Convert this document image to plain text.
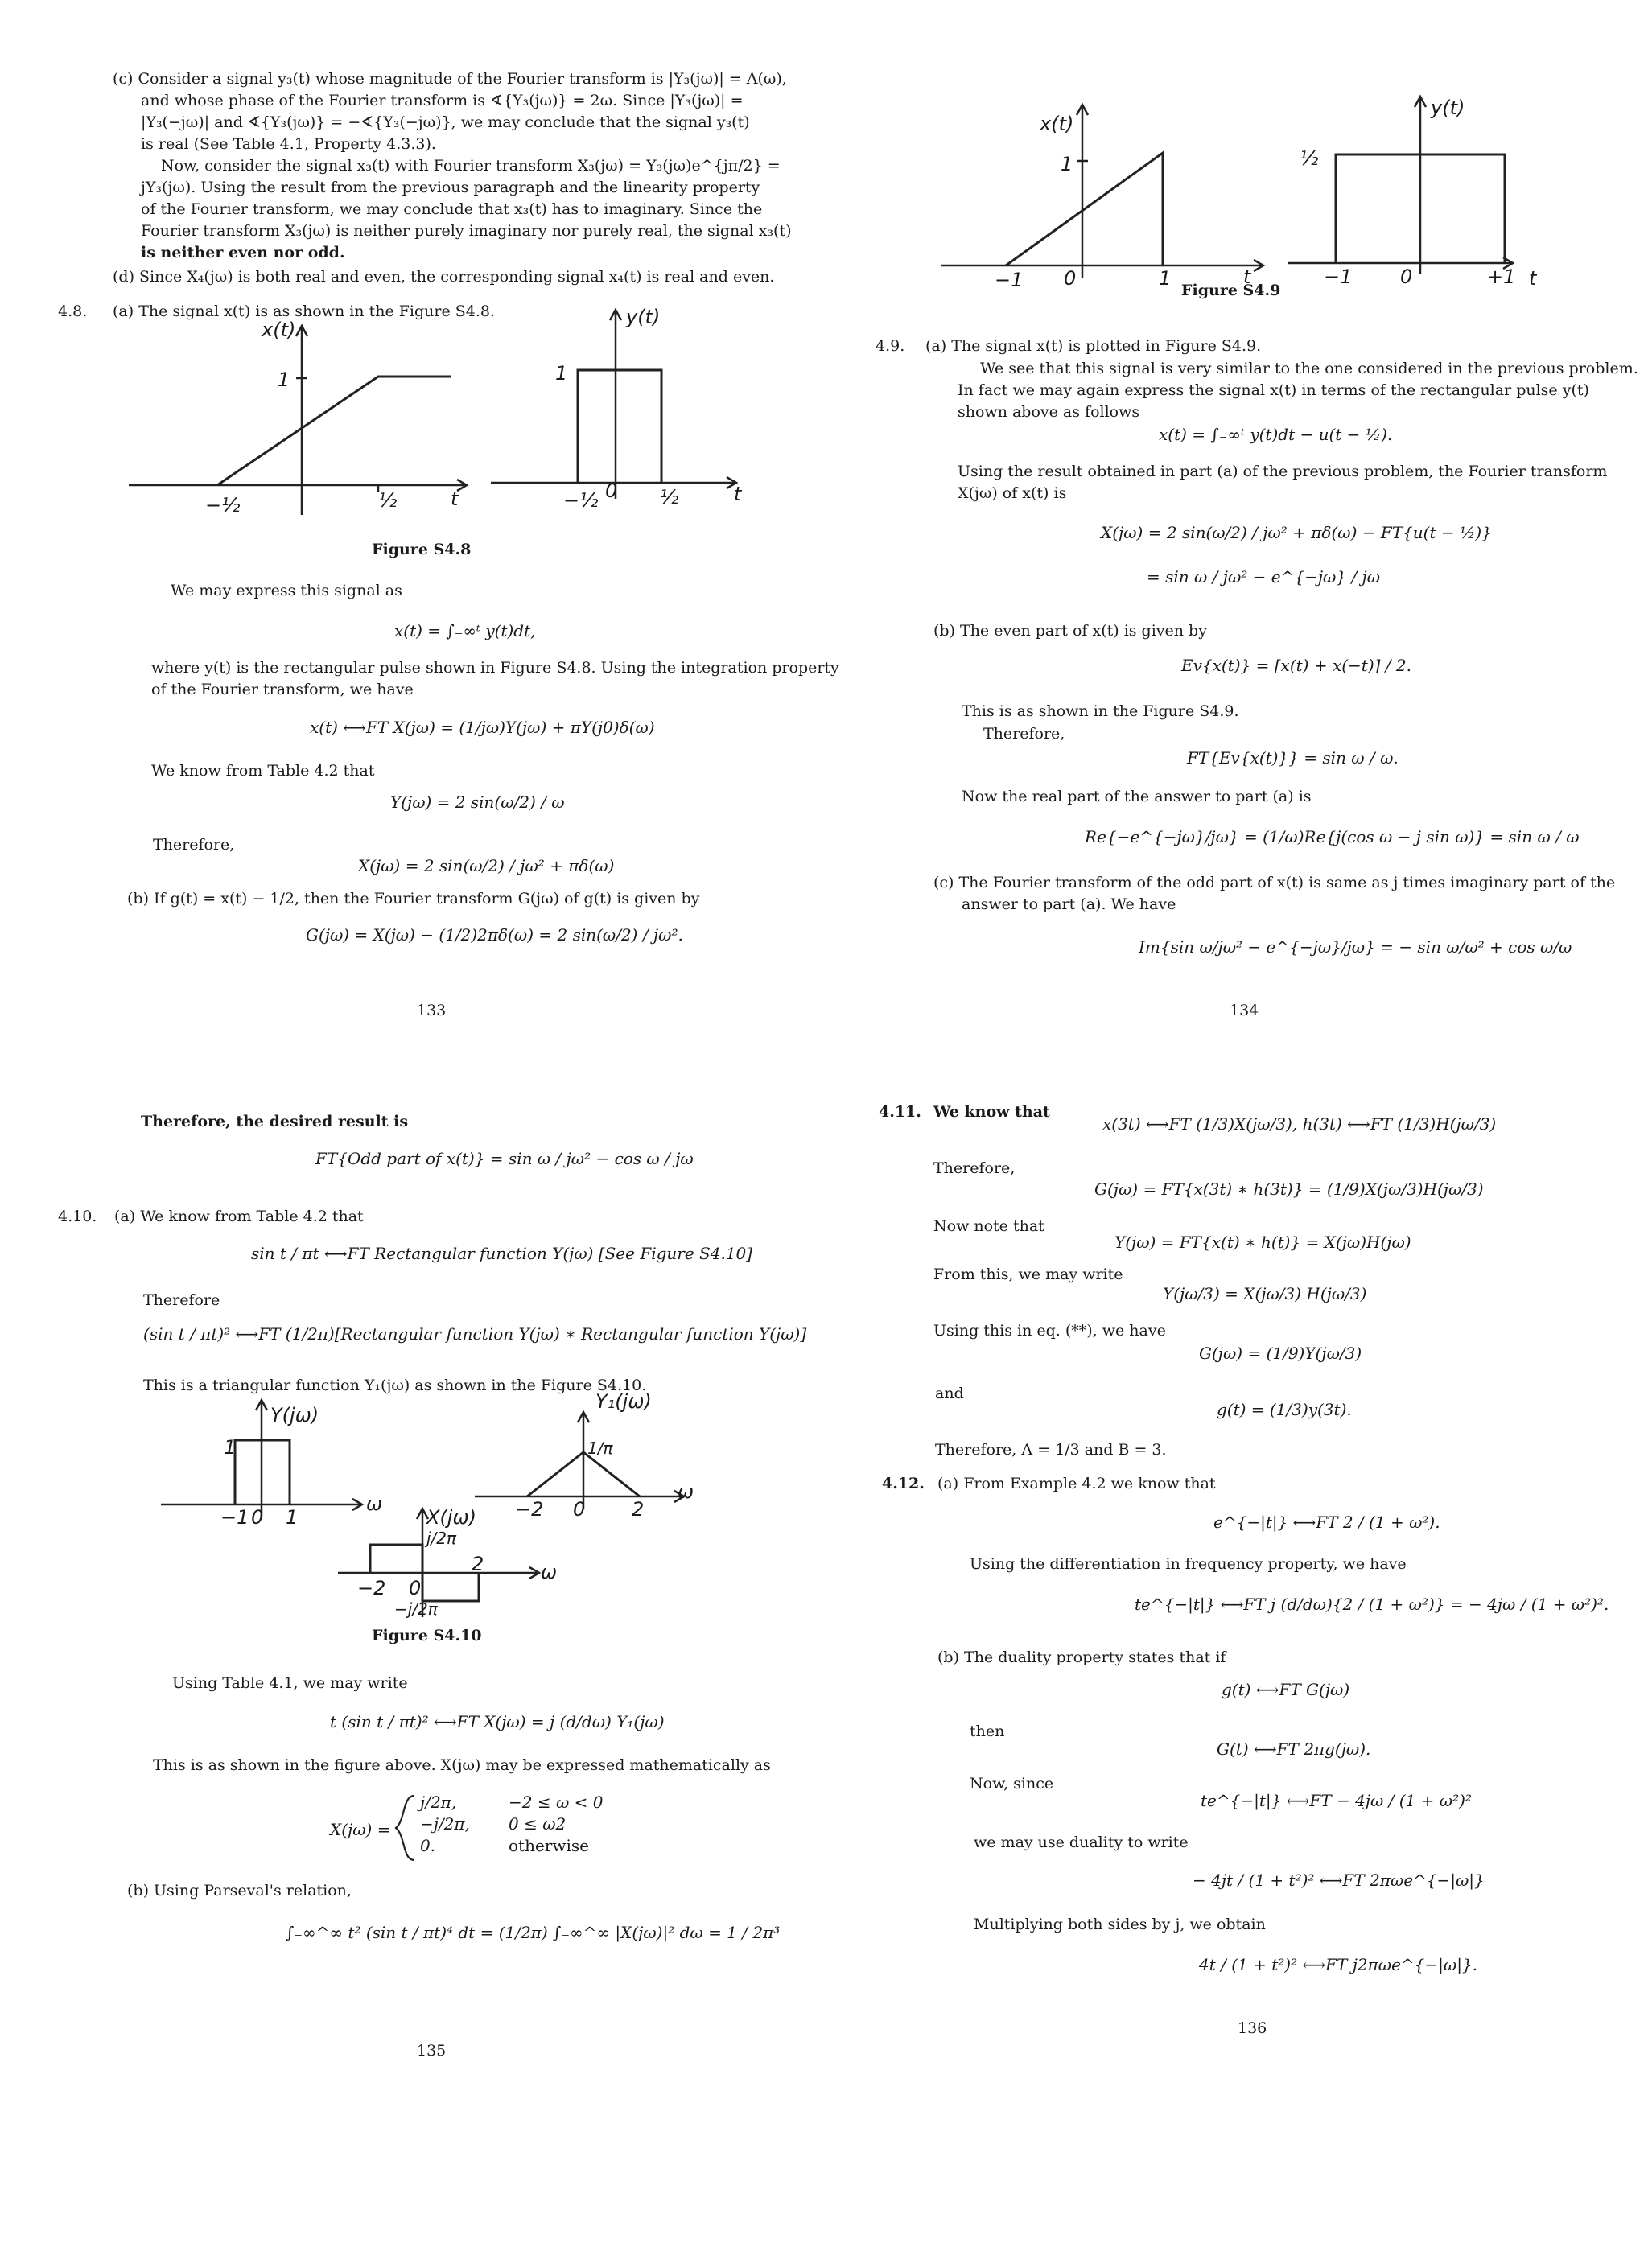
(c) Consider a signal y₃(t) whose magnitude of the Fourier transform is |Y₃(jω)| = A(ω),
and whose phase of the Fourier transform is ∢{Y₃(jω)} = 2ω. Since |Y₃(jω)| =
|Y₃(−jω)| and ∢{Y₃(jω)} = −∢{Y₃(−jω)}, we may conclude that the signal y₃(t)
is real (See Table 4.1, Property 4.3.3).
Now, consider the signal x₃(t) with Fourier transform X₃(jω) = Y₃(jω)e^{jπ/2} =
jY₃(jω). Using the result from the previous paragraph and the linearity property
of the Fourier transform, we may conclude that x₃(t) has to imaginary. Since the
Fourier transform X₃(jω) is neither purely imaginary nor purely real, the signal x₃(t)
is neither even nor odd.
(d) Since X₄(jω) is both real and even, the corresponding signal x₄(t) is real and even.
4.8. (a) The signal x(t) is as shown in the Figure S4.8.
x(t)
y(t)
1	1
−½	½	t	−½ 0 ½	t
Figure S4.8
We may express this signal as
x(t) = ∫₋∞ᵗ y(t)dt,
where y(t) is the rectangular pulse shown in Figure S4.8. Using the integration property
of the Fourier transform, we have
x(t) ⟷FT X(jω) = (1/jω)Y(jω) + πY(j0)δ(ω)
We know from Table 4.2 that
Y(jω) = 2 sin(ω/2) / ω
Therefore,
X(jω) = 2 sin(ω/2) / jω² + πδ(ω)
(b) If g(t) = x(t) − 1/2, then the Fourier transform G(jω) of g(t) is given by
G(jω) = X(jω) − (1/2)2πδ(ω) = 2 sin(ω/2) / jω².
133
x(t)
y(t)
1	½
−1 0	1	t	−1 0	+1 t
Figure S4.9
4.9. (a) The signal x(t) is plotted in Figure S4.9.
We see that this signal is very similar to the one considered in the previous problem.
In fact we may again express the signal x(t) in terms of the rectangular pulse y(t)
shown above as follows
x(t) = ∫₋∞ᵗ y(t)dt − u(t − ½).
Using the result obtained in part (a) of the previous problem, the Fourier transform
X(jω) of x(t) is
X(jω) = 2 sin(ω/2) / jω² + πδ(ω) − FT{u(t − ½)}
= sin ω / jω² − e^{−jω} / jω
(b) The even part of x(t) is given by
Ev{x(t)} = [x(t) + x(−t)] / 2.
This is as shown in the Figure S4.9.
Therefore,
FT{Ev{x(t)}} = sin ω / ω.
Now the real part of the answer to part (a) is
Re{−e^{−jω}/jω} = (1/ω)Re{j(cos ω − j sin ω)} = sin ω / ω
(c) The Fourier transform of the odd part of x(t) is same as j times imaginary part of the
answer to part (a). We have
Im{sin ω/jω² − e^{−jω}/jω} = − sin ω/ω² + cos ω/ω
134
Therefore, the desired result is
FT{Odd part of x(t)} = sin ω / jω² − cos ω / jω
4.10. (a) We know from Table 4.2 that
sin t / πt ⟷FT Rectangular function Y(jω) [See Figure S4.10]
Therefore
(sin t / πt)² ⟷FT (1/2π)[Rectangular function Y(jω) ∗ Rectangular function Y(jω)]
This is a triangular function Y₁(jω) as shown in the Figure S4.10.
Y(jω)
Y₁(jω)
X(jω)
1
−1 0 1
ω
1/π
−2 0 2
ω
j/2π
−2 0
2	ω
−j/2π
Figure S4.10
Using Table 4.1, we may write
t (sin t / πt)² ⟷FT X(jω) = j (d/dω) Y₁(jω)
This is as shown in the figure above. X(jω) may be expressed mathematically as
X(jω) =
j/2π,	−2 ≤ ω < 0
−j/2π, 0 ≤ ω2
0.	otherwise
(b) Using Parseval's relation,
∫₋∞^∞ t² (sin t / πt)⁴ dt = (1/2π) ∫₋∞^∞ |X(jω)|² dω = 1 / 2π³
135
4.11. We know that
x(3t) ⟷FT (1/3)X(jω/3), h(3t) ⟷FT (1/3)H(jω/3)
Therefore,
G(jω) = FT{x(3t) ∗ h(3t)} = (1/9)X(jω/3)H(jω/3)
Now note that
Y(jω) = FT{x(t) ∗ h(t)} = X(jω)H(jω)
From this, we may write
Y(jω/3) = X(jω/3) H(jω/3)
Using this in eq. (**), we have
G(jω) = (1/9)Y(jω/3)
and
g(t) = (1/3)y(3t).
Therefore, A = 1/3 and B = 3.
4.12. (a) From Example 4.2 we know that
e^{−|t|} ⟷FT 2 / (1 + ω²).
Using the differentiation in frequency property, we have
te^{−|t|} ⟷FT j (d/dω){2 / (1 + ω²)} = − 4jω / (1 + ω²)².
(b) The duality property states that if
g(t) ⟷FT G(jω)
then
G(t) ⟷FT 2πg(jω).
Now, since
te^{−|t|} ⟷FT − 4jω / (1 + ω²)²
we may use duality to write
− 4jt / (1 + t²)² ⟷FT 2πωe^{−|ω|}
Multiplying both sides by j, we obtain
4t / (1 + t²)² ⟷FT j2πωe^{−|ω|}.
136
